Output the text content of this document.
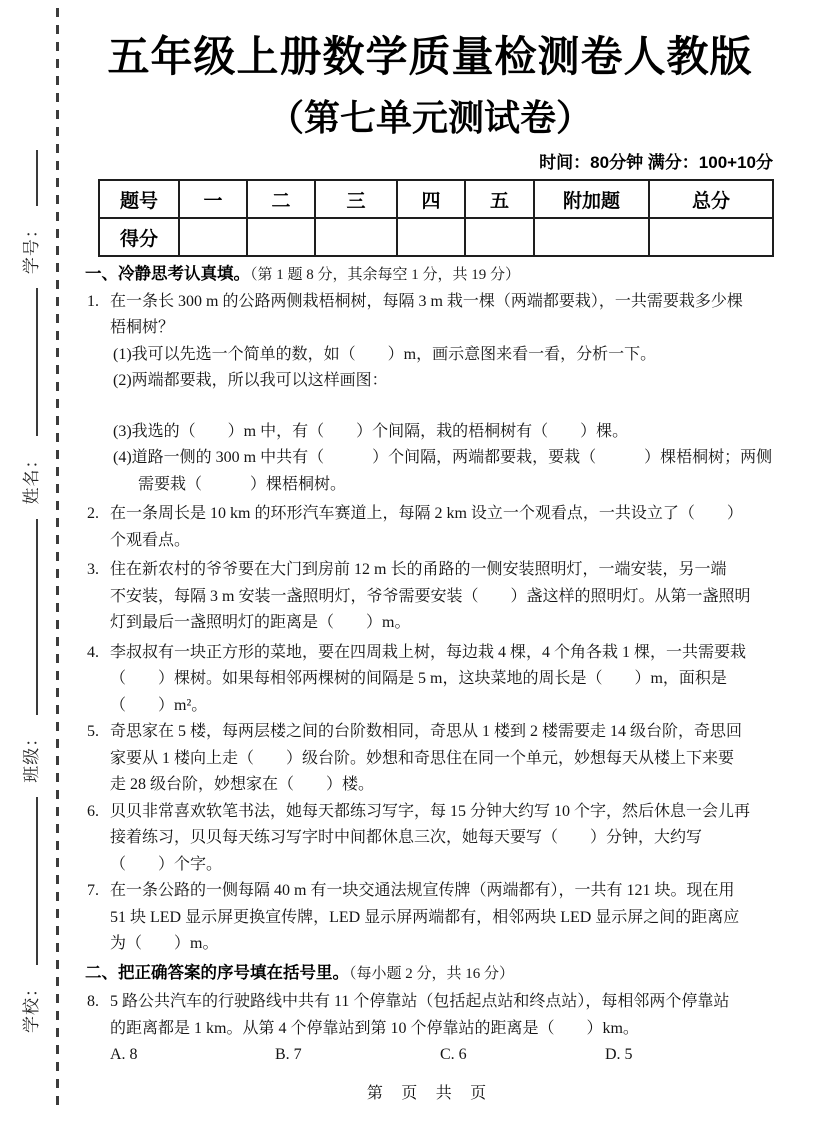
学校：
班级：
姓名：
学号：
五年级上册数学质量检测卷人教版
（第七单元测试卷）
时间：80分钟 满分：100+10分
题号	一	二	三	四	五	附加题	总分
得分							
一、冷静思考认真填。（第 1 题 8 分，其余每空 1 分，共 19 分）
1. 在一条长 300 m 的公路两侧栽梧桐树，每隔 3 m 栽一棵（两端都要栽），一共需要栽多少棵
梧桐树？
(1)我可以先选一个简单的数，如（　　）m，画示意图来看一看，分析一下。
(2)两端都要栽，所以我可以这样画图：
(3)我选的（　　）m 中，有（　　）个间隔，栽的梧桐树有（　　）棵。
(4)道路一侧的 300 m 中共有（　　　）个间隔，两端都要栽，要栽（　　　）棵梧桐树；两侧
需要栽（　　　）棵梧桐树。
2. 在一条周长是 10 km 的环形汽车赛道上，每隔 2 km 设立一个观看点，一共设立了（　　）
个观看点。
3. 住在新农村的爷爷要在大门到房前 12 m 长的甬路的一侧安装照明灯，一端安装，另一端
不安装，每隔 3 m 安装一盏照明灯，爷爷需要安装（　　）盏这样的照明灯。从第一盏照明
灯到最后一盏照明灯的距离是（　　）m。
4. 李叔叔有一块正方形的菜地，要在四周栽上树，每边栽 4 棵，4 个角各栽 1 棵，一共需要栽
（　　）棵树。如果每相邻两棵树的间隔是 5 m，这块菜地的周长是（　　）m，面积是
（　　）m²。
5. 奇思家在 5 楼，每两层楼之间的台阶数相同，奇思从 1 楼到 2 楼需要走 14 级台阶，奇思回
家要从 1 楼向上走（　　）级台阶。妙想和奇思住在同一个单元，妙想每天从楼上下来要
走 28 级台阶，妙想家在（　　）楼。
6. 贝贝非常喜欢软笔书法，她每天都练习写字，每 15 分钟大约写 10 个字，然后休息一会儿再
接着练习，贝贝每天练习写字时中间都休息三次，她每天要写（　　）分钟，大约写
（　　）个字。
7. 在一条公路的一侧每隔 40 m 有一块交通法规宣传牌（两端都有），一共有 121 块。现在用
51 块 LED 显示屏更换宣传牌，LED 显示屏两端都有，相邻两块 LED 显示屏之间的距离应
为（　　）m。
二、把正确答案的序号填在括号里。（每小题 2 分，共 16 分）
8. 5 路公共汽车的行驶路线中共有 11 个停靠站（包括起点站和终点站），每相邻两个停靠站
的距离都是 1 km。从第 4 个停靠站到第 10 个停靠站的距离是（　　）km。
A. 8	B. 7	C. 6	D. 5
第 页 共 页
